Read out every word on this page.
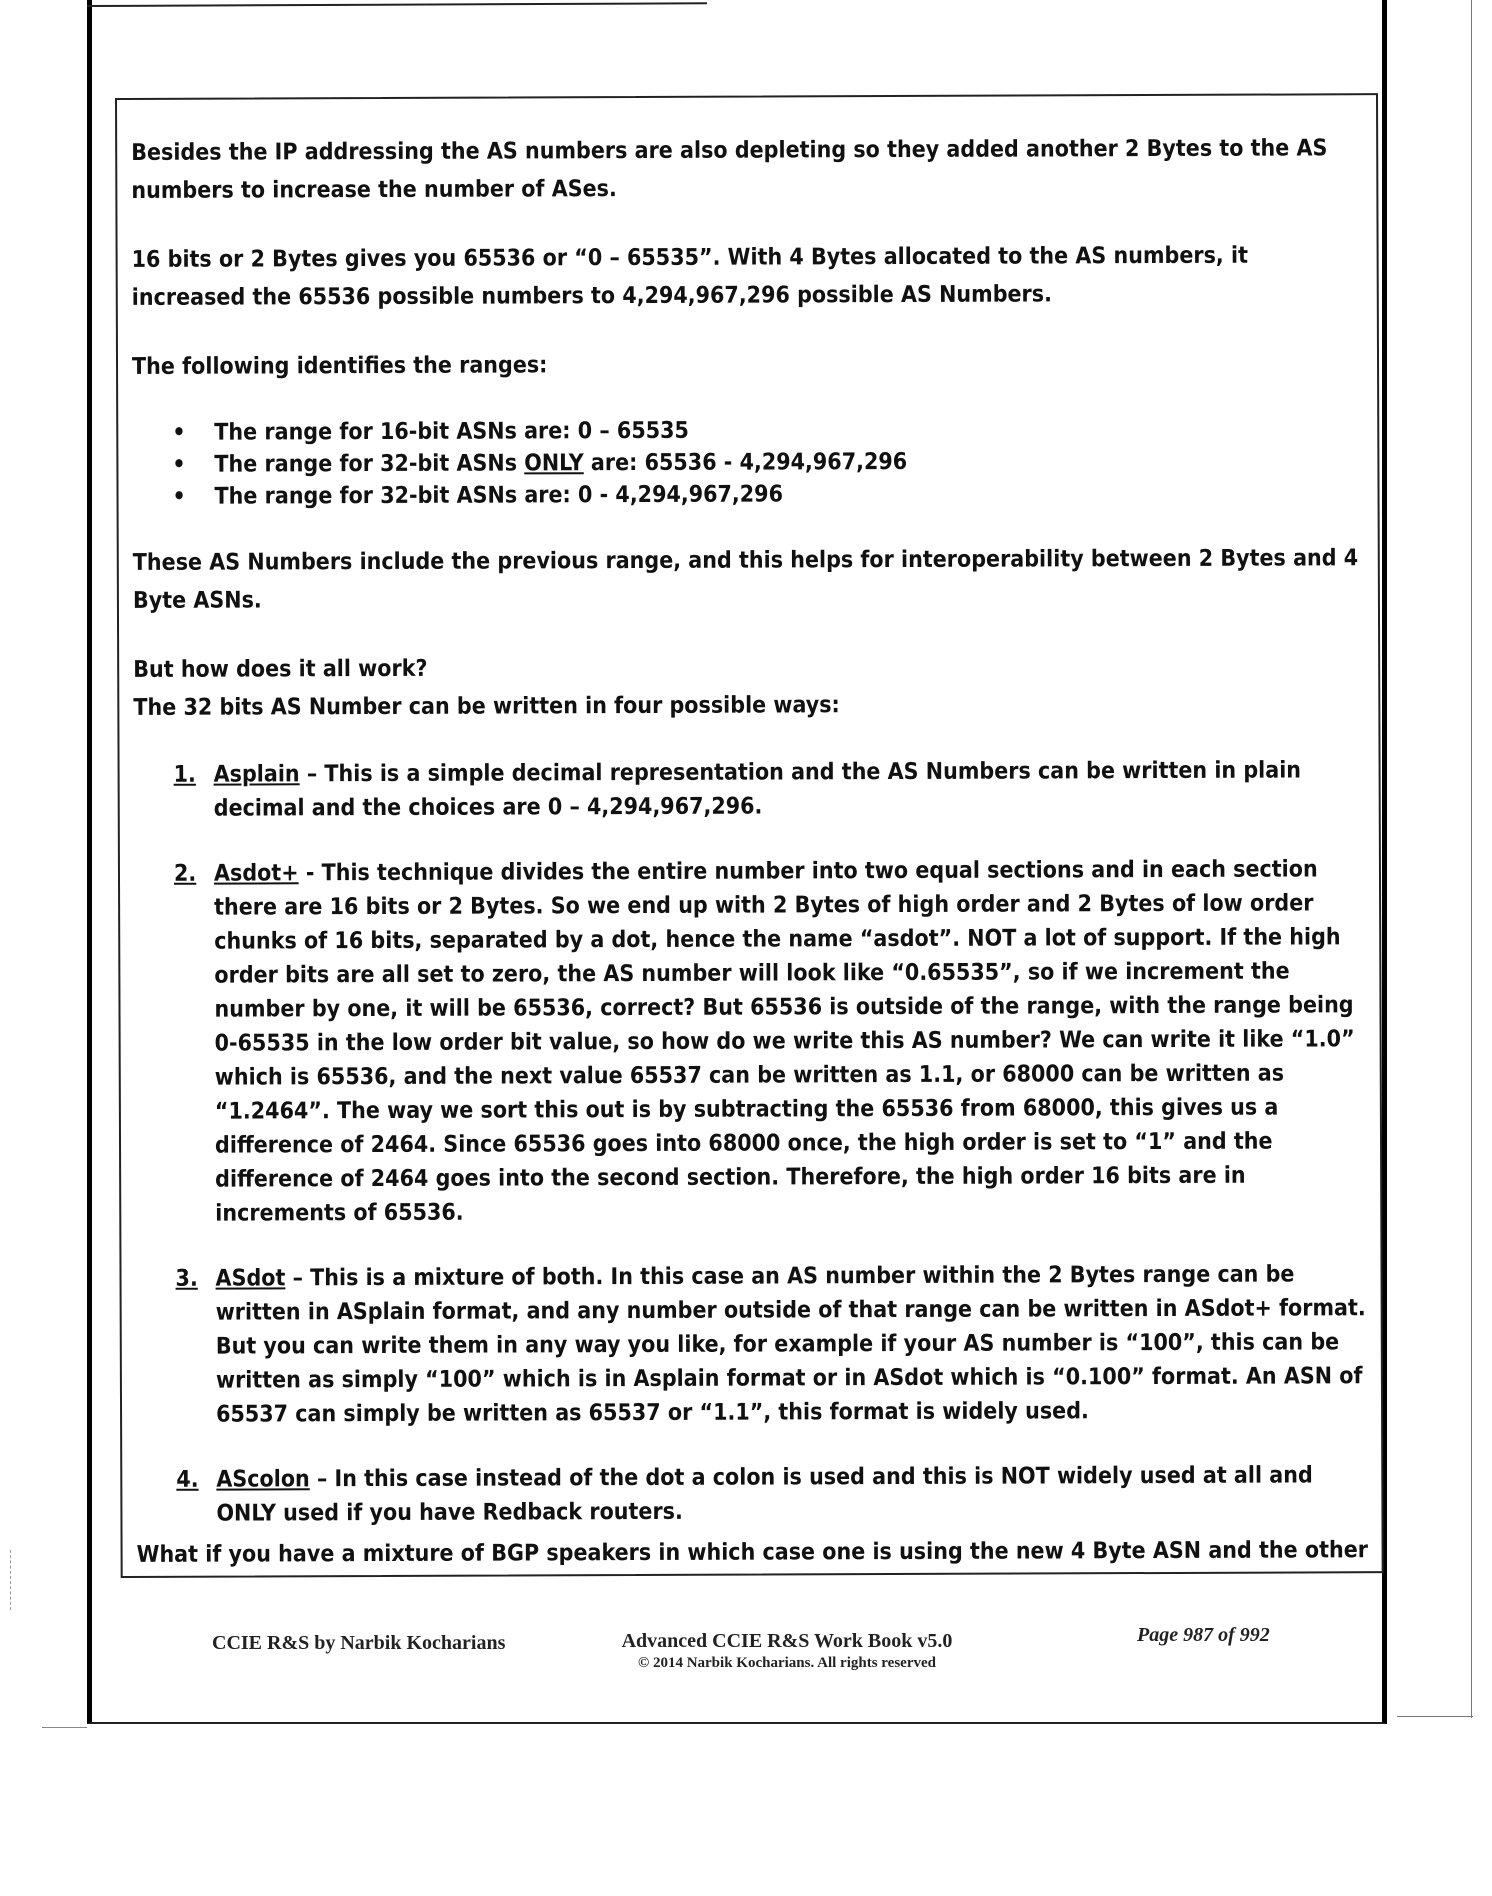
Besides the IP addressing the AS numbers are also depleting so they added another 2 Bytes to the AS numbers to increase the number of ASes.

16 bits or 2 Bytes gives you 65536 or “0 – 65535”. With 4 Bytes allocated to the AS numbers, it increased the 65536 possible numbers to 4,294,967,296 possible AS Numbers.

The following identifies the ranges:

• The range for 16-bit ASNs are: 0 – 65535
• The range for 32-bit ASNs ONLY are: 65536 - 4,294,967,296
• The range for 32-bit ASNs are: 0 - 4,294,967,296

These AS Numbers include the previous range, and this helps for interoperability between 2 Bytes and 4 Byte ASNs.

But how does it all work?

The 32 bits AS Number can be written in four possible ways:

1. Asplain – This is a simple decimal representation and the AS Numbers can be written in plain decimal and the choices are 0 – 4,294,967,296.
2. Asdot+ - This technique divides the entire number into two equal sections and in each section there are 16 bits or 2 Bytes. So we end up with 2 Bytes of high order and 2 Bytes of low order chunks of 16 bits, separated by a dot, hence the name “asdot”. NOT a lot of support. If the high order bits are all set to zero, the AS number will look like “0.65535”, so if we increment the number by one, it will be 65536, correct? But 65536 is outside of the range, with the range being 0-65535 in the low order bit value, so how do we write this AS number? We can write it like “1.0” which is 65536, and the next value 65537 can be written as 1.1, or 68000 can be written as “1.2464”. The way we sort this out is by subtracting the 65536 from 68000, this gives us a difference of 2464. Since 65536 goes into 68000 once, the high order is set to “1” and the difference of 2464 goes into the second section. Therefore, the high order 16 bits are in increments of 65536.
3. ASdot – This is a mixture of both. In this case an AS number within the 2 Bytes range can be written in ASplain format, and any number outside of that range can be written in ASdot+ format. But you can write them in any way you like, for example if your AS number is “100”, this can be written as simply “100” which is in Asplain format or in ASdot which is “0.100” format. An ASN of 65537 can simply be written as 65537 or “1.1”, this format is widely used.
4. AScolon – In this case instead of the dot a colon is used and this is NOT widely used at all and ONLY used if you have Redback routers.
What if you have a mixture of BGP speakers in which case one is using the new 4 Byte ASN and the other
CCIE R&S by Narbik Kocharians	Advanced CCIE R&S Work Book v5.0
© 2014 Narbik Kocharians. All rights reserved
Page 987 of 992
